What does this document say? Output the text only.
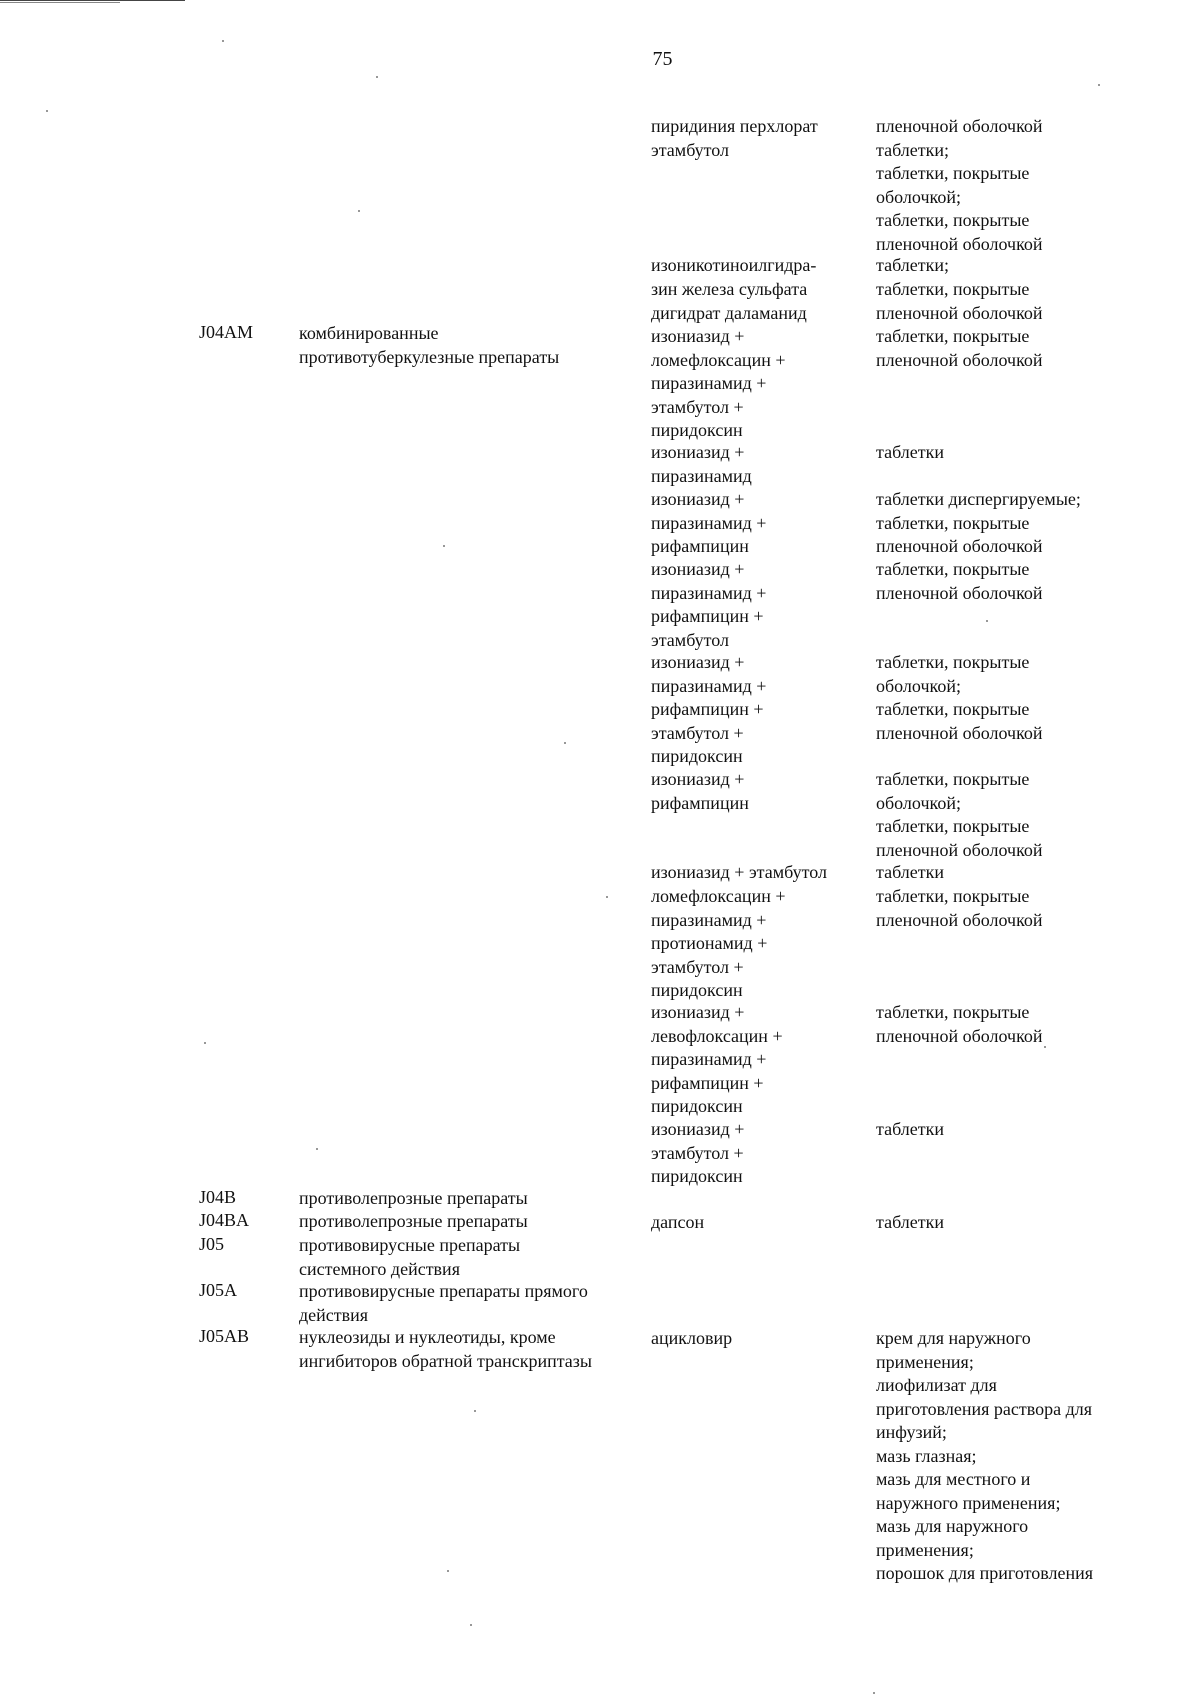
75
J04AM
J04B
J04BA
J05
J05A
J05AB
комбинированные
противотуберкулезные препараты
противолепрозные препараты
противолепрозные препараты
противовирусные препараты
системного действия
противовирусные препараты прямого
действия
нуклеозиды и нуклеотиды, кроме
ингибиторов обратной транскриптазы
пиридиния перхлорат
этамбутол
изоникотиноилгидра-
зин железа сульфата
дигидрат даламанид
изониазид +
ломефлоксацин +
пиразинамид +
этамбутол +
пиридоксин
изониазид +
пиразинамид
изониазид +
пиразинамид +
рифампицин
изониазид +
пиразинамид +
рифампицин +
этамбутол
изониазид +
пиразинамид +
рифампицин +
этамбутол +
пиридоксин
изониазид +
рифампицин
изониазид + этамбутол
ломефлоксацин +
пиразинамид +
протионамид +
этамбутол +
пиридоксин
изониазид +
левофлоксацин +
пиразинамид +
рифампицин +
пиридоксин
изониазид +
этамбутол +
пиридоксин
дапсон
ацикловир
пленочной оболочкой
таблетки;
таблетки, покрытые
оболочкой;
таблетки, покрытые
пленочной оболочкой
таблетки;
таблетки, покрытые
пленочной оболочкой
таблетки, покрытые
пленочной оболочкой
таблетки
таблетки диспергируемые;
таблетки, покрытые
пленочной оболочкой
таблетки, покрытые
пленочной оболочкой
таблетки, покрытые
оболочкой;
таблетки, покрытые
пленочной оболочкой
таблетки, покрытые
оболочкой;
таблетки, покрытые
пленочной оболочкой
таблетки
таблетки, покрытые
пленочной оболочкой
таблетки, покрытые
пленочной оболочкой
таблетки
таблетки
крем для наружного
применения;
лиофилизат для
приготовления раствора для
инфузий;
мазь глазная;
мазь для местного и
наружного применения;
мазь для наружного
применения;
порошок для приготовления
